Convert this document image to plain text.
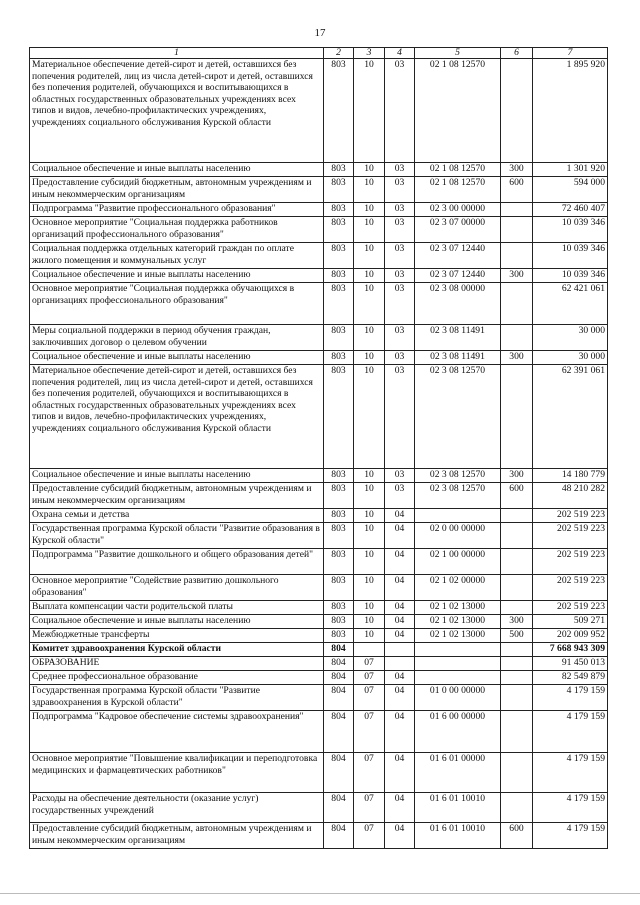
17
1	2	3	4	5	6	7
Материальное обеспечение детей-сирот и детей, оставшихся без попечения родителей, лиц из числа детей-сирот и детей, оставшихся без попечения родителей, обучающихся и воспитывающихся в областных государственных образовательных учреждениях всех типов и видов, лечебно-профилактических учреждениях, учреждениях социального обслуживания Курской области	803	10	03	02 1 08 12570		1 895 920
Социальное обеспечение и иные выплаты населению	803	10	03	02 1 08 12570	300	1 301 920
Предоставление субсидий бюджетным, автономным учреждениям и иным некоммерческим организациям	803	10	03	02 1 08 12570	600	594 000
Подпрограмма "Развитие профессионального образования"	803	10	03	02 3 00 00000		72 460 407
Основное мероприятие "Социальная поддержка работников организаций профессионального образования"	803	10	03	02 3 07 00000		10 039 346
Социальная поддержка отдельных категорий граждан по оплате жилого помещения и коммунальных услуг	803	10	03	02 3 07 12440		10 039 346
Социальное обеспечение и иные выплаты населению	803	10	03	02 3 07 12440	300	10 039 346
Основное мероприятие "Социальная поддержка обучающихся в организациях профессионального образования"	803	10	03	02 3 08 00000		62 421 061
Меры социальной поддержки в период обучения граждан, заключивших договор о целевом обучении	803	10	03	02 3 08 11491		30 000
Социальное обеспечение и иные выплаты населению	803	10	03	02 3 08 11491	300	30 000
Материальное обеспечение детей-сирот и детей, оставшихся без попечения родителей, лиц из числа детей-сирот и детей, оставшихся без попечения родителей, обучающихся и воспитывающихся в областных государственных образовательных учреждениях всех типов и видов, лечебно-профилактических учреждениях, учреждениях социального обслуживания Курской области	803	10	03	02 3 08 12570		62 391 061
Социальное обеспечение и иные выплаты населению	803	10	03	02 3 08 12570	300	14 180 779
Предоставление субсидий бюджетным, автономным учреждениям и иным некоммерческим организациям	803	10	03	02 3 08 12570	600	48 210 282
Охрана семьи и детства	803	10	04			202 519 223
Государственная программа Курской области "Развитие образования в Курской области"	803	10	04	02 0 00 00000		202 519 223
Подпрограмма "Развитие дошкольного и общего образования детей"	803	10	04	02 1 00 00000		202 519 223
Основное мероприятие "Содействие развитию дошкольного образования"	803	10	04	02 1 02 00000		202 519 223
Выплата компенсации части родительской платы	803	10	04	02 1 02 13000		202 519 223
Социальное обеспечение и иные выплаты населению	803	10	04	02 1 02 13000	300	509 271
Межбюджетные трансферты	803	10	04	02 1 02 13000	500	202 009 952
Комитет здравоохранения Курской области	804					7 668 943 309
ОБРАЗОВАНИЕ	804	07				91 450 013
Среднее профессиональное образование	804	07	04			82 549 879
Государственная программа Курской области "Развитие здравоохранения в Курской области"	804	07	04	01 0 00 00000		4 179 159
Подпрограмма "Кадровое обеспечение системы здравоохранения"	804	07	04	01 6 00 00000		4 179 159
Основное мероприятие "Повышение квалификации и переподготовка медицинских и фармацевтических работников"	804	07	04	01 6 01 00000		4 179 159
Расходы на обеспечение деятельности (оказание услуг) государственных учреждений	804	07	04	01 6 01 10010		4 179 159
Предоставление субсидий бюджетным, автономным учреждениям и иным некоммерческим организациям	804	07	04	01 6 01 10010	600	4 179 159
